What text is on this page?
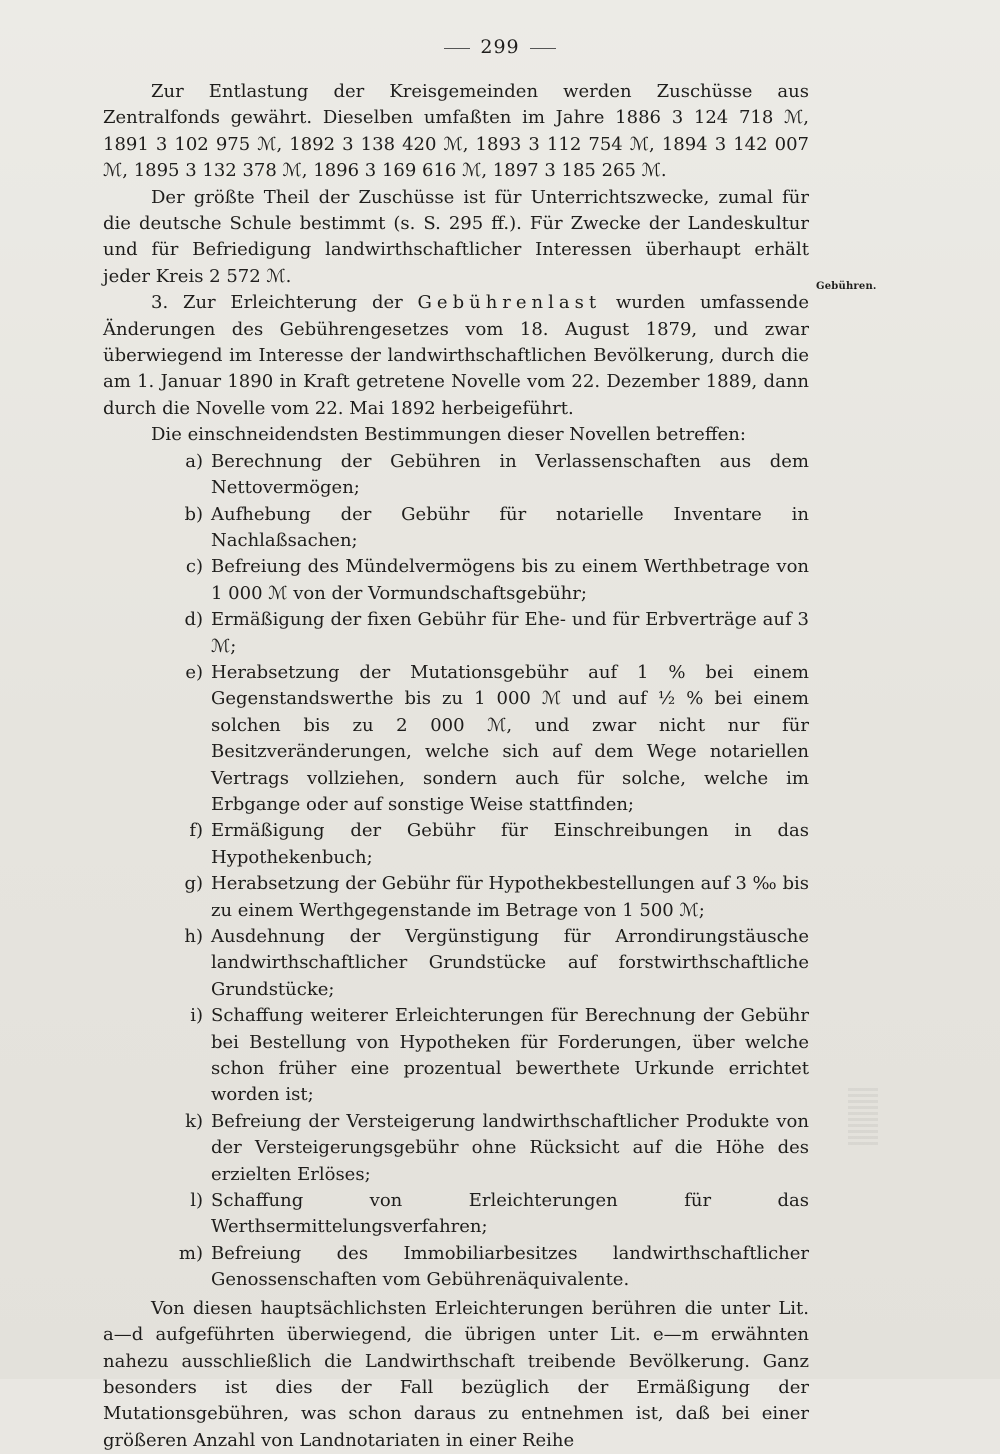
299
Gebühren.

Zur Entlastung der Kreisgemeinden werden Zuschüsse aus Zentralfonds gewährt. Dieselben umfaßten im Jahre 1886 3 124 718 ℳ, 1891 3 102 975 ℳ, 1892 3 138 420 ℳ, 1893 3 112 754 ℳ, 1894 3 142 007 ℳ, 1895 3 132 378 ℳ, 1896 3 169 616 ℳ, 1897 3 185 265 ℳ.

Der größte Theil der Zuschüsse ist für Unterrichtszwecke, zumal für die deutsche Schule bestimmt (s. S. 295 ff.). Für Zwecke der Landeskultur und für Befriedigung landwirthschaftlicher Interessen überhaupt erhält jeder Kreis 2 572 ℳ.

3. Zur Erleichterung der Gebührenlast wurden umfassende Änderungen des Gebührengesetzes vom 18. August 1879, und zwar überwiegend im Interesse der landwirthschaftlichen Bevölkerung, durch die am 1. Januar 1890 in Kraft getretene Novelle vom 22. Dezember 1889, dann durch die Novelle vom 22. Mai 1892 herbeigeführt.

Die einschneidendsten Bestimmungen dieser Novellen betreffen:

a) Berechnung der Gebühren in Verlassenschaften aus dem Nettovermögen;
b) Aufhebung der Gebühr für notarielle Inventare in Nachlaßsachen;
c) Befreiung des Mündelvermögens bis zu einem Werthbetrage von 1 000 ℳ von der Vormundschaftsgebühr;
d) Ermäßigung der fixen Gebühr für Ehe- und für Erbverträge auf 3 ℳ;
e) Herabsetzung der Mutationsgebühr auf 1 % bei einem Gegenstandswerthe bis zu 1 000 ℳ und auf ½ % bei einem solchen bis zu 2 000 ℳ, und zwar nicht nur für Besitzveränderungen, welche sich auf dem Wege notariellen Vertrags vollziehen, sondern auch für solche, welche im Erbgange oder auf sonstige Weise stattfinden;
f) Ermäßigung der Gebühr für Einschreibungen in das Hypothekenbuch;
g) Herabsetzung der Gebühr für Hypothekbestellungen auf 3 ‰ bis zu einem Werthgegenstande im Betrage von 1 500 ℳ;
h) Ausdehnung der Vergünstigung für Arrondirungstäusche landwirthschaftlicher Grundstücke auf forstwirthschaftliche Grundstücke;
i) Schaffung weiterer Erleichterungen für Berechnung der Gebühr bei Bestellung von Hypotheken für Forderungen, über welche schon früher eine prozentual bewerthete Urkunde errichtet worden ist;
k) Befreiung der Versteigerung landwirthschaftlicher Produkte von der Versteigerungsgebühr ohne Rücksicht auf die Höhe des erzielten Erlöses;
l) Schaffung von Erleichterungen für das Werthsermittelungsverfahren;
m) Befreiung des Immobiliarbesitzes landwirthschaftlicher Genossenschaften vom Gebührenäquivalente.

Von diesen hauptsächlichsten Erleichterungen berühren die unter Lit. a—d aufgeführten überwiegend, die übrigen unter Lit. e—m erwähnten nahezu ausschließlich die Landwirthschaft treibende Bevölkerung. Ganz besonders ist dies der Fall bezüglich der Ermäßigung der Mutationsgebühren, was schon daraus zu entnehmen ist, daß bei einer größeren Anzahl von Landnotariaten in einer Reihe
